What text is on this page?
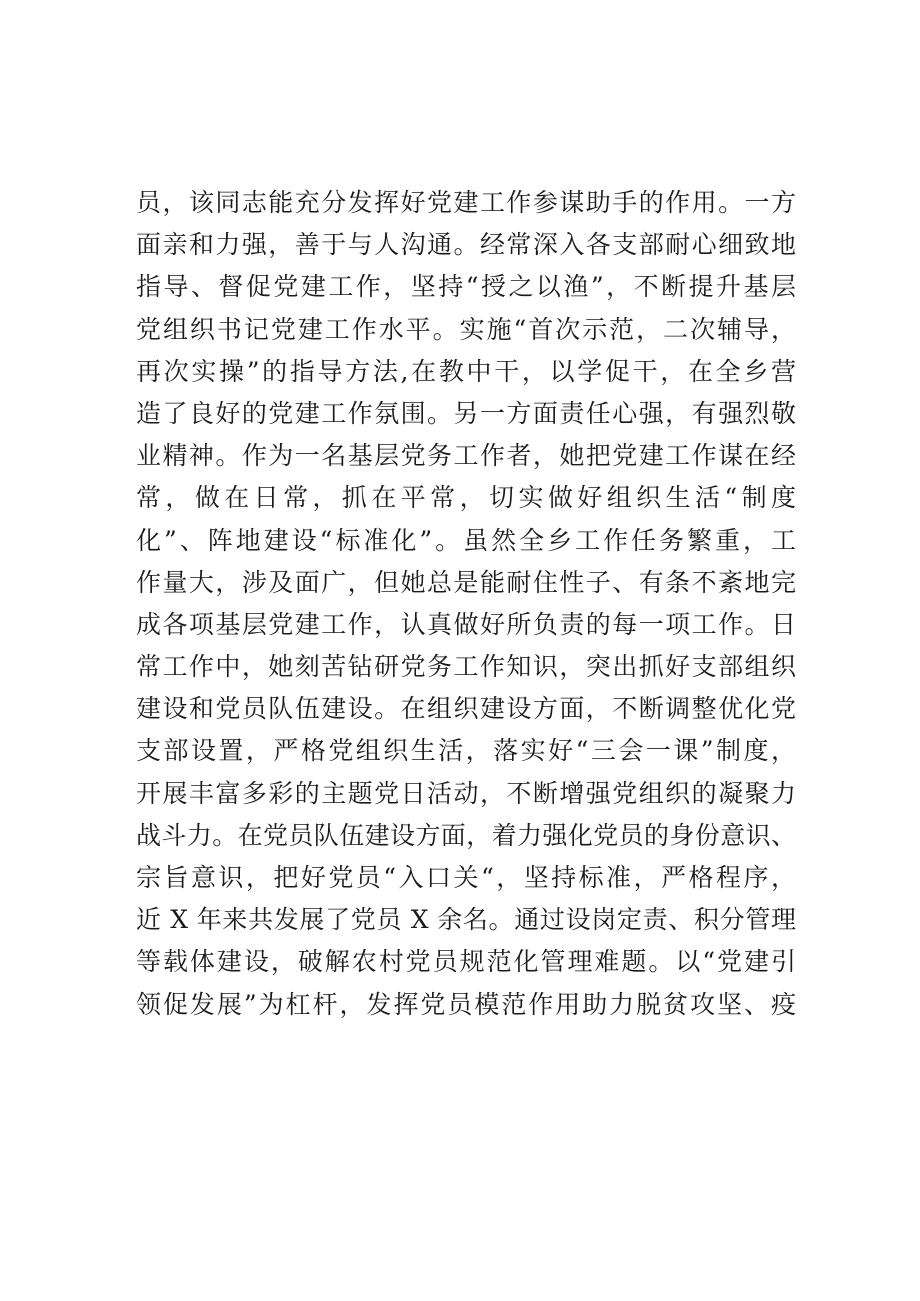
员，该同志能充分发挥好党建工作参谋助手的作用。一方
面亲和力强，善于与人沟通。经常深入各支部耐心细致地
指导、督促党建工作，坚持“授之以渔”，不断提升基层
党组织书记党建工作水平。实施“首次示范，二次辅导，
再次实操”的指导方法,在教中干，以学促干，在全乡营
造了良好的党建工作氛围。另一方面责任心强，有强烈敬
业精神。作为一名基层党务工作者，她把党建工作谋在经
常，做在日常，抓在平常，切实做好组织生活“制度
化”、阵地建设“标准化”。虽然全乡工作任务繁重，工
作量大，涉及面广，但她总是能耐住性子、有条不紊地完
成各项基层党建工作，认真做好所负责的每一项工作。日
常工作中，她刻苦钻研党务工作知识，突出抓好支部组织
建设和党员队伍建设。在组织建设方面，不断调整优化党
支部设置，严格党组织生活，落实好“三会一课”制度，
开展丰富多彩的主题党日活动，不断增强党组织的凝聚力
战斗力。在党员队伍建设方面，着力强化党员的身份意识、
宗旨意识，把好党员“入口关“，坚持标准，严格程序，
近 X 年来共发展了党员 X 余名。通过设岗定责、积分管理
等载体建设，破解农村党员规范化管理难题。以“党建引
领促发展”为杠杆，发挥党员模范作用助力脱贫攻坚、疫
